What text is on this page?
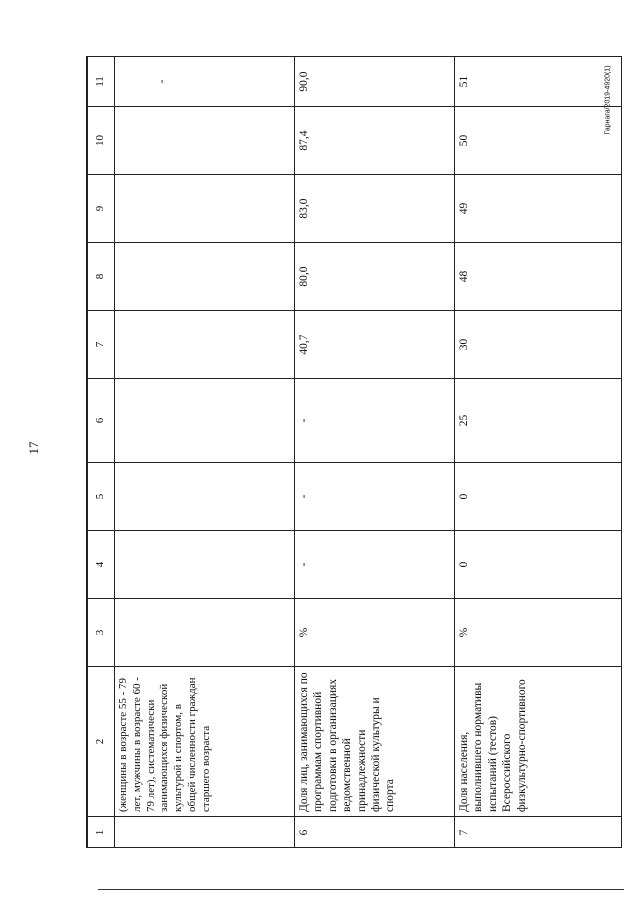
17
Гарнага/2019-4920(1)
1	2	3	4	5	6	7	8	9	10	11
	(женщины в возрасте 55 - 79 лет, мужчины в возрасте 60 - 79 лет), систематически занимающихся физической культурой и спортом, в общей численности граждан старшего возраста									-
6	Доля лиц, занимающихся по программам спортивной подготовки в организациях ведомственной принадлежности физической культуры и спорта	%	-	-	-	40,7	80,0	83,0	87,4	90,0
7	Доля населения, выполнившего нормативы испытаний (тестов) Всероссийского физкультурно-спортивного	%	0	0	25	30	48	49	50	51
